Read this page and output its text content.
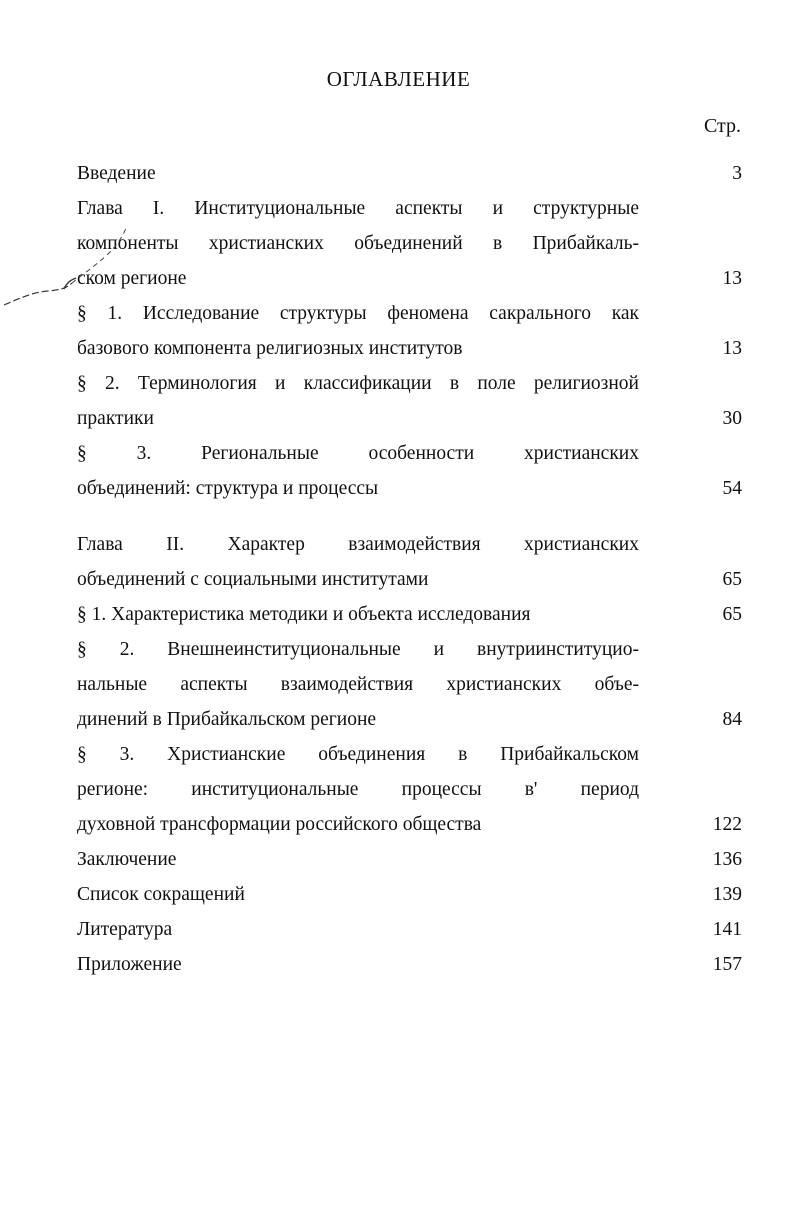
ОГЛАВЛЕНИЕ
Стр.
Введение	3
Глава I. Институциональные аспекты и структурные
компоненты христианских объединений в Прибайкаль-
ском регионе	13
§ 1. Исследование структуры феномена сакрального как
базового компонента религиозных институтов	13
§ 2. Терминология и классификации в поле религиозной
практики	30
§ 3. Региональные особенности христианских
объединений: структура и процессы	54
Глава II. Характер взаимодействия христианских
объединений с социальными институтами	65
§ 1. Характеристика методики и объекта исследования	65
§ 2. Внешнеинституциональные и внутриинституцио-
нальные аспекты взаимодействия христианских объе-
динений в Прибайкальском регионе	84
§ 3. Христианские объединения в Прибайкальском
регионе: институциональные процессы в' период
духовной трансформации российского общества	122
Заключение	136
Список сокращений	139
Литература	141
Приложение	157
